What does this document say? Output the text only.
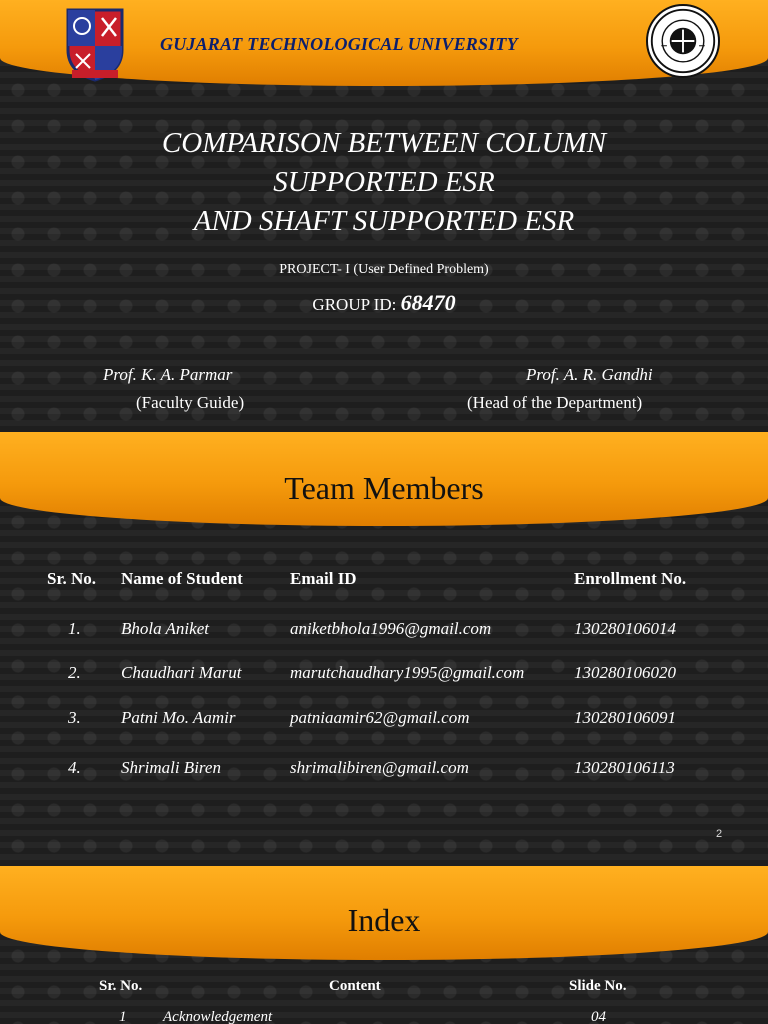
GUJARAT TECHNOLOGICAL UNIVERSITY
COMPARISON BETWEEN COLUMN
SUPPORTED ESR
AND SHAFT SUPPORTED ESR
PROJECT- I (User Defined Problem)
GROUP ID: 68470
Prof. K. A. Parmar
(Faculty Guide)
Prof. A. R. Gandhi
(Head of the Department)
Team Members
Sr. No. Name of Student	Email ID	Enrollment No.
1. Bhola Aniket	aniketbhola1996@gmail.com	130280106014
2. Chaudhari Marut	marutchaudhary1995@gmail.com	130280106020
3. Patni Mo. Aamir	patniaamir62@gmail.com	130280106091
4. Shrimali Biren	shrimalibiren@gmail.com	130280106113
2
Index
Sr. No.	Content	Slide No.
1 Acknowledgement	04
